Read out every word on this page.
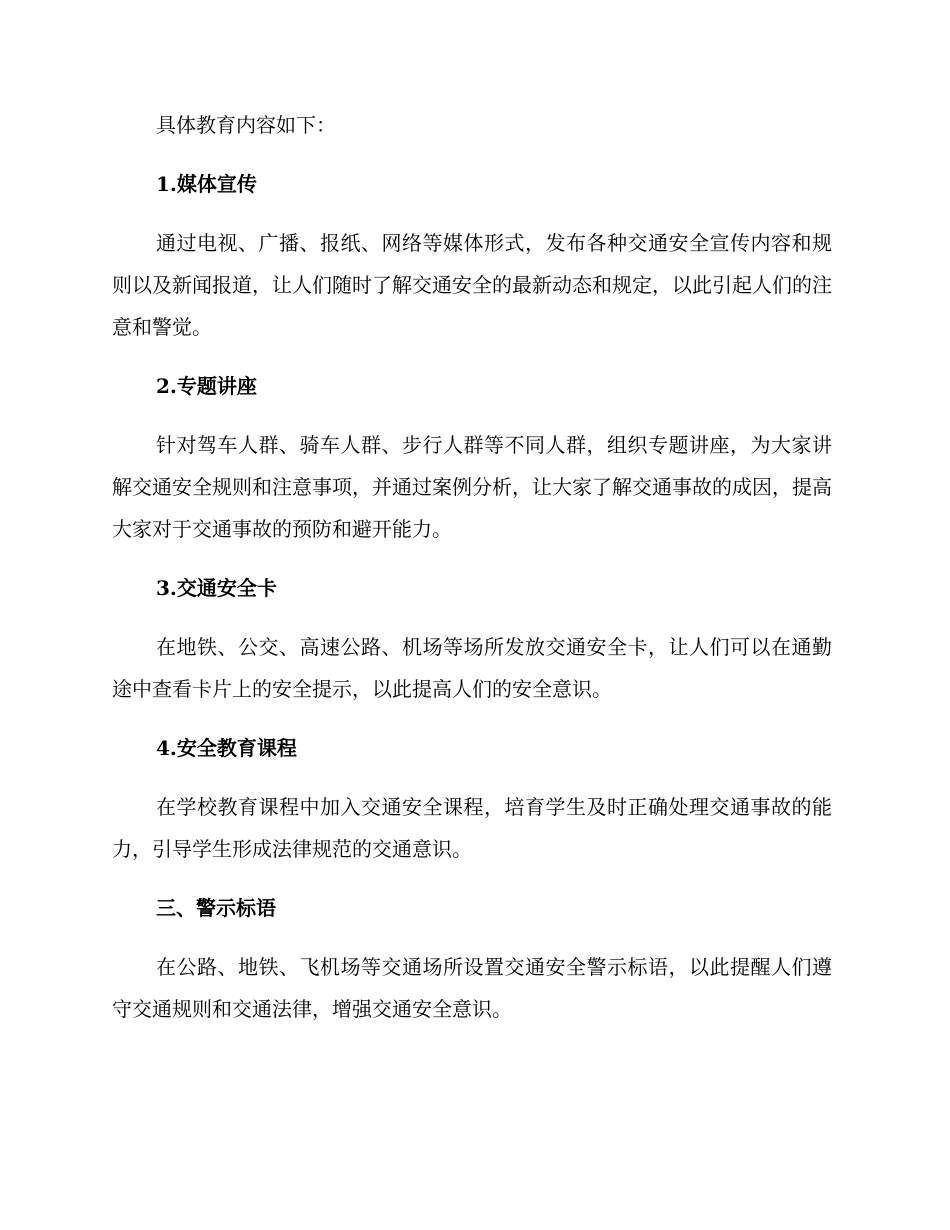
具体教育内容如下：

1.媒体宣传

通过电视、广播、报纸、网络等媒体形式，发布各种交通安全宣传内容和规则以及新闻报道，让人们随时了解交通安全的最新动态和规定，以此引起人们的注意和警觉。

2.专题讲座

针对驾车人群、骑车人群、步行人群等不同人群，组织专题讲座，为大家讲解交通安全规则和注意事项，并通过案例分析，让大家了解交通事故的成因，提高大家对于交通事故的预防和避开能力。

3.交通安全卡

在地铁、公交、高速公路、机场等场所发放交通安全卡，让人们可以在通勤途中查看卡片上的安全提示，以此提高人们的安全意识。

4.安全教育课程

在学校教育课程中加入交通安全课程，培育学生及时正确处理交通事故的能力，引导学生形成法律规范的交通意识。

三、警示标语

在公路、地铁、飞机场等交通场所设置交通安全警示标语，以此提醒人们遵守交通规则和交通法律，增强交通安全意识。
